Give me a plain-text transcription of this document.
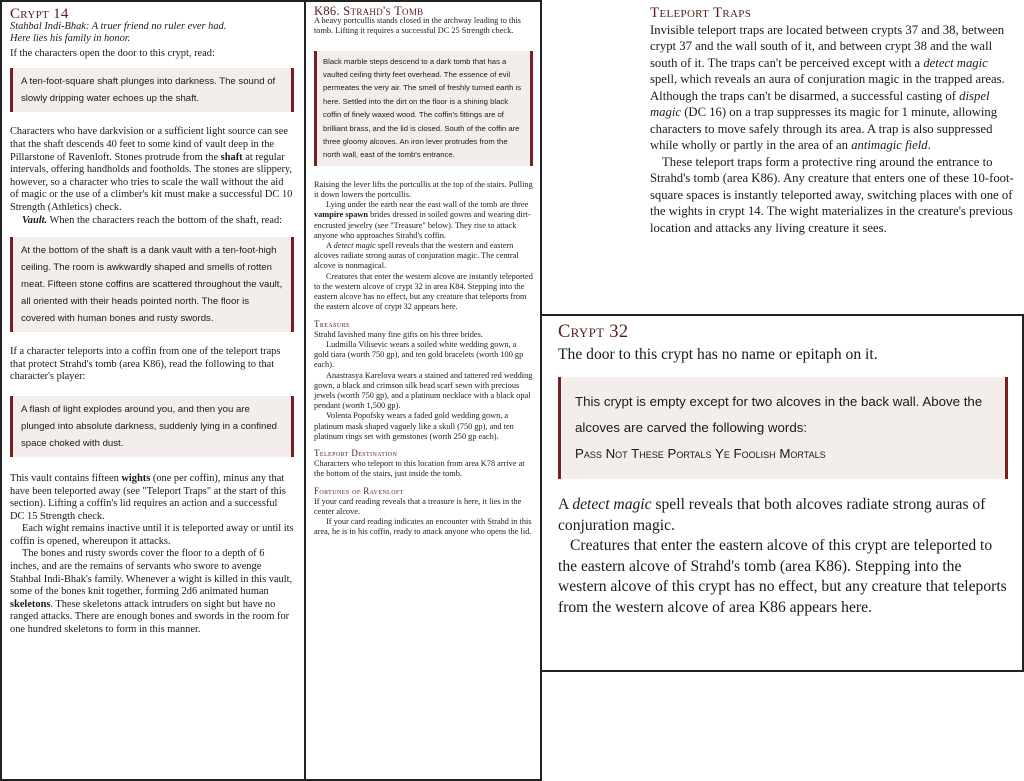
Crypt 14

Stahbal Indi-Bhak: A truer friend no ruler ever had.

Here lies his family in honor.

If the characters open the door to this crypt, read:

A ten-foot-square shaft plunges into darkness. The sound of slowly dripping water echoes up the shaft.

Characters who have darkvision or a sufficient light source can see that the shaft descends 40 feet to some kind of vault deep in the Pillarstone of Ravenloft. Stones protrude from the shaft at regular intervals, offering handholds and footholds. The stones are slippery, however, so a character who tries to scale the wall without the aid of magic or the use of a climber's kit must make a successful DC 10 Strength (Athletics) check.

Vault. When the characters reach the bottom of the shaft, read:

At the bottom of the shaft is a dank vault with a ten-foot-high ceiling. The room is awkwardly shaped and smells of rotten meat. Fifteen stone coffins are scattered throughout the vault, all oriented with their heads pointed north. The floor is covered with human bones and rusty swords.

If a character teleports into a coffin from one of the teleport traps that protect Strahd's tomb (area K86), read the following to that character's player:

A flash of light explodes around you, and then you are plunged into absolute darkness, suddenly lying in a confined space choked with dust.

This vault contains fifteen wights (one per coffin), minus any that have been teleported away (see "Teleport Traps" at the start of this section). Lifting a coffin's lid requires an action and a successful DC 15 Strength check.

Each wight remains inactive until it is teleported away or until its coffin is opened, whereupon it attacks.

The bones and rusty swords cover the floor to a depth of 6 inches, and are the remains of servants who swore to avenge Stahbal Indi-Bhak's family. Whenever a wight is killed in this vault, some of the bones knit together, forming 2d6 animated human skeletons. These skeletons attack intruders on sight but have no ranged attacks. There are enough bones and swords in the room for one hundred skeletons to form in this manner.

K86. Strahd's Tomb

A heavy portcullis stands closed in the archway leading to this tomb. Lifting it requires a successful DC 25 Strength check.

Black marble steps descend to a dark tomb that has a vaulted ceiling thirty feet overhead. The essence of evil permeates the very air. The smell of freshly turned earth is here. Settled into the dirt on the floor is a shining black coffin of finely waxed wood. The coffin's fittings are of brilliant brass, and the lid is closed. South of the coffin are three gloomy alcoves. An iron lever protrudes from the north wall, east of the tomb's entrance.

Raising the lever lifts the portcullis at the top of the stairs. Pulling it down lowers the portcullis.

Lying under the earth near the east wall of the tomb are three vampire spawn brides dressed in soiled gowns and wearing dirt-encrusted jewelry (see "Treasure" below). They rise to attack anyone who approaches Strahd's coffin.

A detect magic spell reveals that the western and eastern alcoves radiate strong auras of conjuration magic. The central alcove is nonmagical.

Creatures that enter the western alcove are instantly teleported to the western alcove of crypt 32 in area K84. Stepping into the eastern alcove has no effect, but any creature that teleports from the eastern alcove of crypt 32 appears here.

Treasure

Strahd lavished many fine gifts on his three brides.

Ludmilla Vilisevic wears a soiled white wedding gown, a gold tiara (worth 750 gp), and ten gold bracelets (worth 100 gp each).

Anastrasya Karelova wears a stained and tattered red wedding gown, a black and crimson silk head scarf sewn with precious jewels (worth 750 gp), and a platinum necklace with a black opal pendant (worth 1,500 gp).

Volenta Popofsky wears a faded gold wedding gown, a platinum mask shaped vaguely like a skull (750 gp), and ten platinum rings set with gemstones (worth 250 gp each).

Teleport Destination

Characters who teleport to this location from area K78 arrive at the bottom of the stairs, just inside the tomb.

Fortunes of Ravenloft

If your card reading reveals that a treasure is here, it lies in the center alcove.

If your card reading indicates an encounter with Strahd in this area, he is in his coffin, ready to attack anyone who opens the lid.

Teleport Traps

Invisible teleport traps are located between crypts 37 and 38, between crypt 37 and the wall south of it, and between crypt 38 and the wall south of it. The traps can't be perceived except with a detect magic spell, which reveals an aura of conjuration magic in the trapped areas. Although the traps can't be disarmed, a successful casting of dispel magic (DC 16) on a trap suppresses its magic for 1 minute, allowing characters to move safely through its area. A trap is also suppressed while wholly or partly in the area of an antimagic field.

These teleport traps form a protective ring around the entrance to Strahd's tomb (area K86). Any creature that enters one of these 10-foot-square spaces is instantly teleported away, switching places with one of the wights in crypt 14. The wight materializes in the creature's previous location and attacks any living creature it sees.

Crypt 32

The door to this crypt has no name or epitaph on it.

This crypt is empty except for two alcoves in the back wall. Above the alcoves are carved the following words:
Pass Not These Portals Ye Foolish Mortals

A detect magic spell reveals that both alcoves radiate strong auras of conjuration magic.

Creatures that enter the eastern alcove of this crypt are teleported to the eastern alcove of Strahd's tomb (area K86). Stepping into the western alcove of this crypt has no effect, but any creature that teleports from the western alcove of area K86 appears here.
